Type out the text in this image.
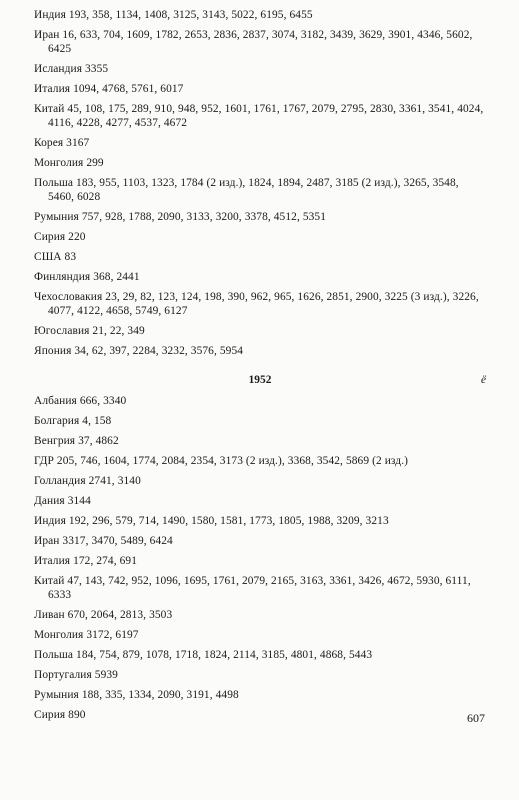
Индия 193, 358, 1134, 1408, 3125, 3143, 5022, 6195, 6455
Иран 16, 633, 704, 1609, 1782, 2653, 2836, 2837, 3074, 3182, 3439, 3629, 3901, 4346, 5602, 6425
Исландия 3355
Италия 1094, 4768, 5761, 6017
Китай 45, 108, 175, 289, 910, 948, 952, 1601, 1761, 1767, 2079, 2795, 2830, 3361, 3541, 4024, 4116, 4228, 4277, 4537, 4672
Корея 3167
Монголия 299
Польша 183, 955, 1103, 1323, 1784 (2 изд.), 1824, 1894, 2487, 3185 (2 изд.), 3265, 3548, 5460, 6028
Румыния 757, 928, 1788, 2090, 3133, 3200, 3378, 4512, 5351
Сирия 220
США 83
Финляндия 368, 2441
Чехословакия 23, 29, 82, 123, 124, 198, 390, 962, 965, 1626, 2851, 2900, 3225 (3 изд.), 3226, 4077, 4122, 4658, 5749, 6127
Югославия 21, 22, 349
Япония 34, 62, 397, 2284, 3232, 3576, 5954
1952	ё
Албания 666, 3340
Болгария 4, 158
Венгрия 37, 4862
ГДР 205, 746, 1604, 1774, 2084, 2354, 3173 (2 изд.), 3368, 3542, 5869 (2 изд.)
Голландия 2741, 3140
Дания 3144
Индия 192, 296, 579, 714, 1490, 1580, 1581, 1773, 1805, 1988, 3209, 3213
Иран 3317, 3470, 5489, 6424
Италия 172, 274, 691
Китай 47, 143, 742, 952, 1096, 1695, 1761, 2079, 2165, 3163, 3361, 3426, 4672, 5930, 6111, 6333
Ливан 670, 2064, 2813, 3503
Монголия 3172, 6197
Польша 184, 754, 879, 1078, 1718, 1824, 2114, 3185, 4801, 4868, 5443
Португалия 5939
Румыния 188, 335, 1334, 2090, 3191, 4498
Сирия 890	607
